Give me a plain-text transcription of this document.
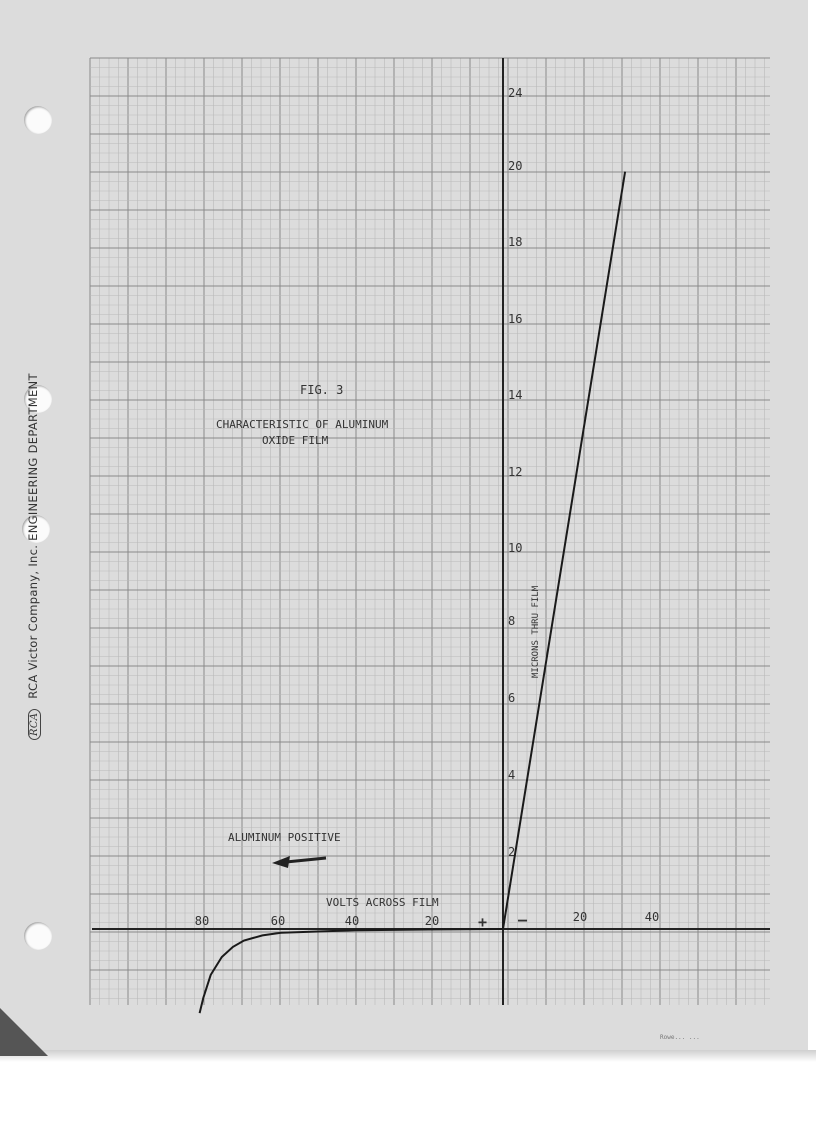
RCA RCA Victor Company, Inc. ENGINEERING DEPARTMENT
80	60	40	20	20	40
2
4
6
8
10
12
14
16
18
20
24
FIG. 3
CHARACTERISTIC OF ALUMINUM
OXIDE FILM
VOLTS ACROSS FILM
MICRONS THRU FILM
ALUMINUM POSITIVE
+ –
Rowe... ...
